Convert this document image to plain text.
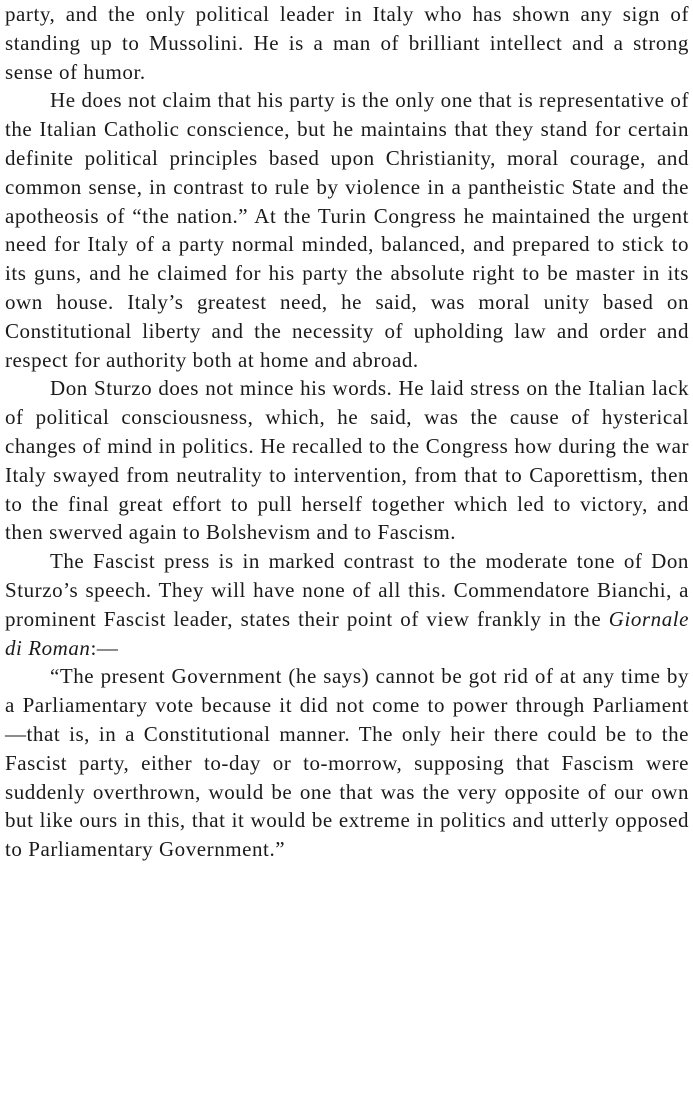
party, and the only political leader in Italy who has shown any sign of standing up to Mussolini. He is a man of brilliant intellect and a strong sense of humor.

He does not claim that his party is the only one that is representative of the Italian Catholic conscience, but he maintains that they stand for certain definite political principles based upon Christianity, moral courage, and common sense, in contrast to rule by violence in a pantheistic State and the apotheosis of “the nation.” At the Turin Congress he maintained the urgent need for Italy of a party normal minded, balanced, and prepared to stick to its guns, and he claimed for his party the absolute right to be master in its own house. Italy’s greatest need, he said, was moral unity based on Constitutional liberty and the necessity of upholding law and order and respect for authority both at home and abroad.

Don Sturzo does not mince his words. He laid stress on the Italian lack of political consciousness, which, he said, was the cause of hysterical changes of mind in politics. He recalled to the Congress how during the war Italy swayed from neutrality to intervention, from that to Caporettism, then to the final great effort to pull herself together which led to victory, and then swerved again to Bolshevism and to Fascism.

The Fascist press is in marked contrast to the moderate tone of Don Sturzo’s speech. They will have none of all this. Commendatore Bianchi, a prominent Fascist leader, states their point of view frankly in the Giornale di Roman:—

“The present Government (he says) cannot be got rid of at any time by a Parliamentary vote because it did not come to power through Parliament—that is, in a Constitutional manner. The only heir there could be to the Fascist party, either to-day or to-morrow, supposing that Fascism were suddenly overthrown, would be one that was the very opposite of our own but like ours in this, that it would be extreme in politics and utterly opposed to Parliamentary Government.”
